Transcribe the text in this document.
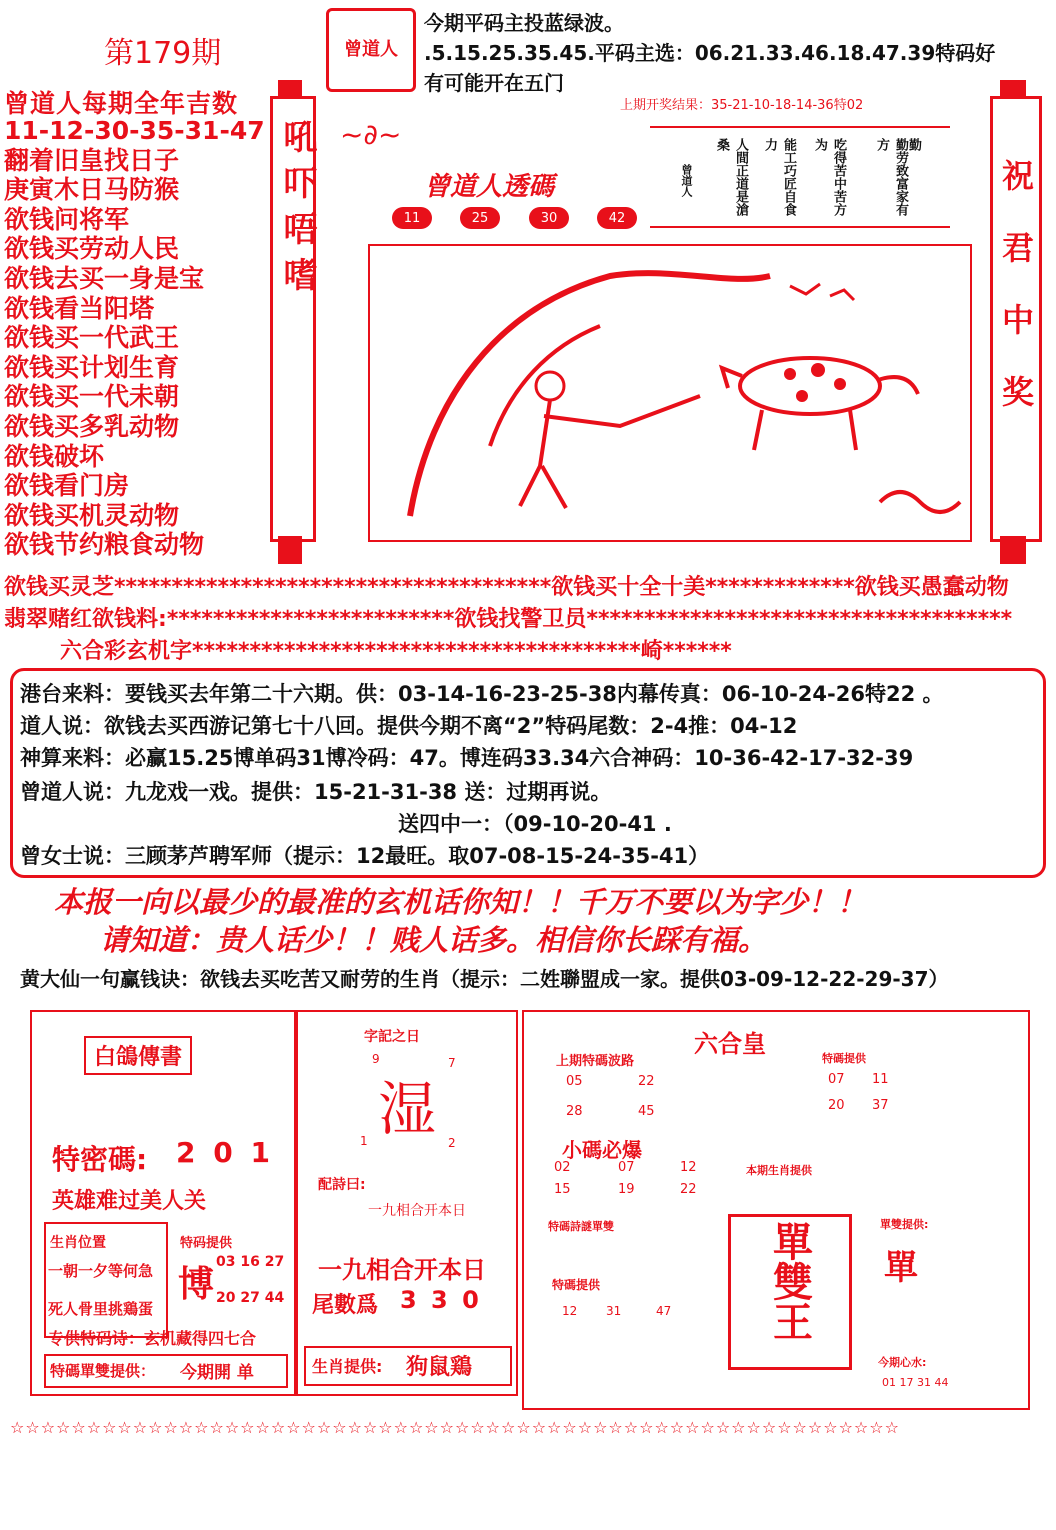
第179期	曾道人
今期平码主投蓝绿波。
.5.15.25.35.45.平码主选：06.21.33.46.18.47.39特码好
有可能开在五门
上期开奖结果：35-21-10-18-14-36特02
曾道人每期全年吉数
11-12-30-35-31-47
翻着旧皇找日子
庚寅木日马防猴
欲钱问将军
欲钱买劳动人民
欲钱去买一身是宝
欲钱看当阳塔
欲钱买一代武王
欲钱买计划生育
欲钱买一代未朝
欲钱买多乳动物
欲钱破坏
欲钱看门房
欲钱买机灵动物
欲钱节约粮食动物
吼吓唔嗜	祝君中奖
曾道人透碼
~∂~
11	25	30	42
勤
勤劳致富家有方
吃得苦中苦方为
能工巧匠自食力
人間正道是滄桑
曾道人
欲钱买灵芝**************************************欲钱买十全十美*************欲钱买愚蠢动物
翡翠赌红欲钱料:*************************欲钱找警卫员*************************************
六合彩玄机字***************************************崎******
港台来料：要钱买去年第二十六期。供：03-14-16-23-25-38内幕传真：06-10-24-26特22 。
道人说：欲钱去买西游记第七十八回。提供今期不离“2”特码尾数：2-4推：04-12
神算来料：必赢15.25博单码31博冷码：47。博连码33.34六合神码：10-36-42-17-32-39
曾道人说：九龙戏一戏。提供：15-21-31-38 送：过期再说。
送四中一：（09-10-20-41 .
曾女士说：三顾茅芦聘军师（提示：12最旺。取07-08-15-24-35-41）
本报一向以最少的最准的玄机话你知！！千万不要以为字少！！
请知道：贵人话少！！贱人话多。相信你长踩有福。
黄大仙一句赢钱诀：欲钱去买吃苦又耐劳的生肖（提示：二姓聯盟成一家。提供03-09-12-22-29-37）
白鴿傳書
特密碼: 2 0 1
英雄难过美人关
生肖位置
一朝一夕等何急
死人骨里挑鶏蛋
特码提供
博
03 16 27
20 27 44
专供特码诗：玄机藏得四七合
特碼單雙提供： 今期開 单
字記之日
9	7
湿
1	2
配詩曰:
一九相合开本日
一九相合开本日
尾數爲 3 3 0
生肖提供: 狗鼠鶏
六合皇
上期特碼波路
05	22
28	45
特碼提供
07 11
20 37
小碼必爆
02	07	12
15	19	22
本期生肖提供
特碼詩謎單雙
特碼提供
12 31	47 單雙王	單雙提供:
單
今期心水:
01 17 31 44
☆☆☆☆☆☆☆☆☆☆☆☆☆☆☆☆☆☆☆☆☆☆☆☆☆☆☆☆☆☆☆☆☆☆☆☆☆☆☆☆☆☆☆☆☆☆☆☆☆☆☆☆☆☆☆☆☆☆
